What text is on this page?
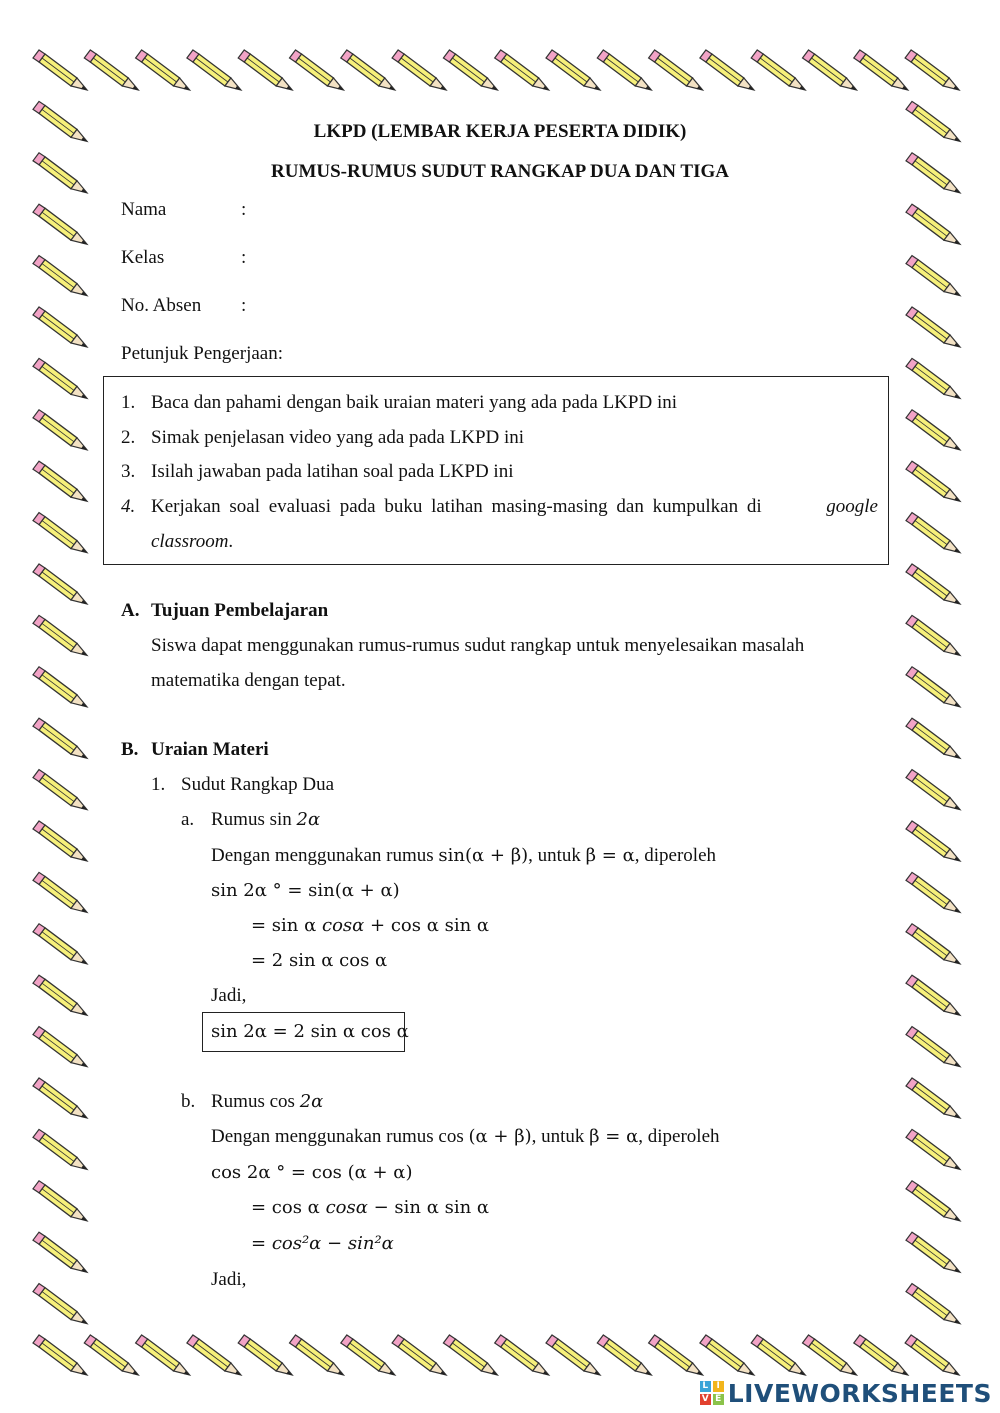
LKPD (LEMBAR KERJA PESERTA DIDIK)
RUMUS-RUMUS SUDUT RANGKAP DUA DAN TIGA
Nama	:
Kelas	:
No. Absen :
Petunjuk Pengerjaan:
1. Baca dan pahami dengan baik uraian materi yang ada pada LKPD ini
2. Simak penjelasan video yang ada pada LKPD ini
3. Isilah jawaban pada latihan soal pada LKPD ini
4. Kerjakan soal evaluasi pada buku latihan masing-masing dan kumpulkan di	google
classroom.
A. Tujuan Pembelajaran
Siswa dapat menggunakan rumus-rumus sudut rangkap untuk menyelesaikan masalah
matematika dengan tepat.
B. Uraian Materi
1. Sudut Rangkap Dua
a. Rumus sin 2α
Dengan menggunakan rumus sin(α + β), untuk β = α, diperoleh
sin 2α ° = sin(α + α)
= sin α cosα + cos α sin α
= 2 sin α cos α
Jadi,
sin 2α = 2 sin α cos α
b. Rumus cos 2α
Dengan menggunakan rumus cos (α + β), untuk β = α, diperoleh
cos 2α ° = cos (α + α)
= cos α cosα − sin α sin α
= cos²α − sin²α
Jadi,
L I
V E LIVEWORKSHEETS
